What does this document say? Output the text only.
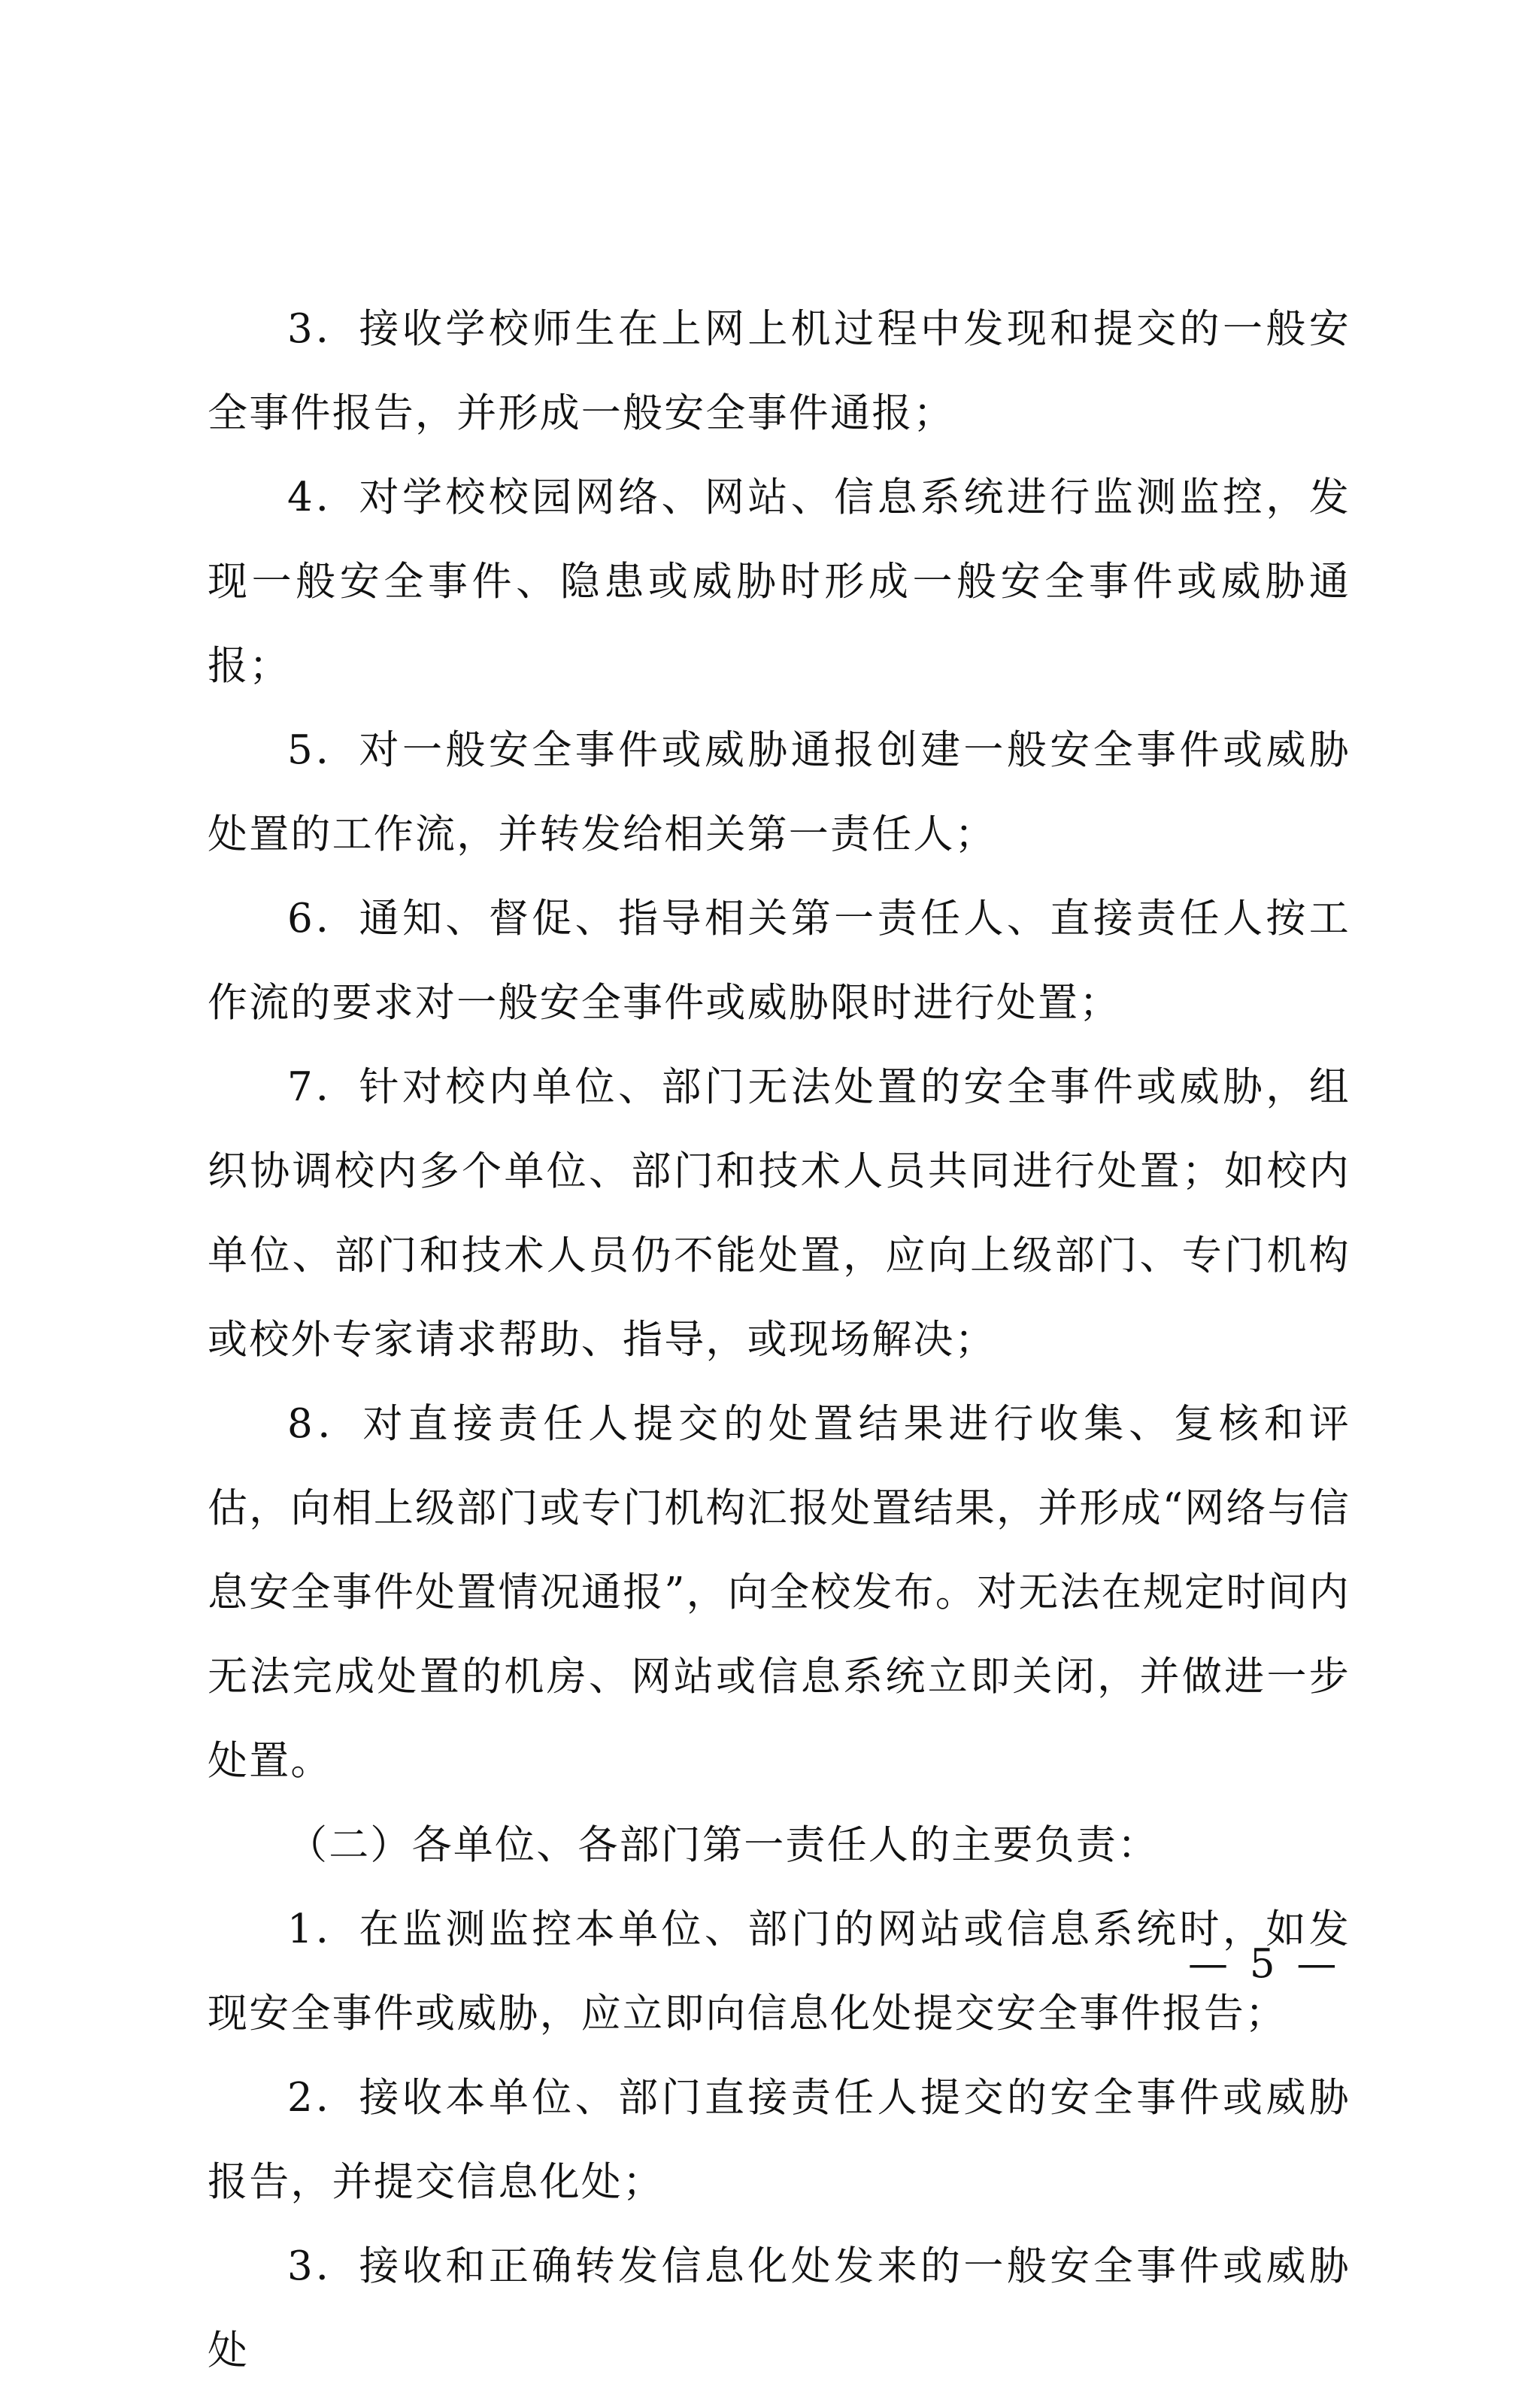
3．接收学校师生在上网上机过程中发现和提交的一般安全事件报告，并形成一般安全事件通报；

4．对学校校园网络、网站、信息系统进行监测监控，发现一般安全事件、隐患或威胁时形成一般安全事件或威胁通报；

5．对一般安全事件或威胁通报创建一般安全事件或威胁处置的工作流，并转发给相关第一责任人；

6．通知、督促、指导相关第一责任人、直接责任人按工作流的要求对一般安全事件或威胁限时进行处置；

7．针对校内单位、部门无法处置的安全事件或威胁，组织协调校内多个单位、部门和技术人员共同进行处置；如校内单位、部门和技术人员仍不能处置，应向上级部门、专门机构或校外专家请求帮助、指导，或现场解决；

8．对直接责任人提交的处置结果进行收集、复核和评估，向相上级部门或专门机构汇报处置结果，并形成“网络与信息安全事件处置情况通报”，向全校发布。对无法在规定时间内无法完成处置的机房、网站或信息系统立即关闭，并做进一步处置。

（二）各单位、各部门第一责任人的主要负责：

1．在监测监控本单位、部门的网站或信息系统时，如发现安全事件或威胁，应立即向信息化处提交安全事件报告；

2．接收本单位、部门直接责任人提交的安全事件或威胁报告，并提交信息化处；

3．接收和正确转发信息化处发来的一般安全事件或威胁处

— 5 —
